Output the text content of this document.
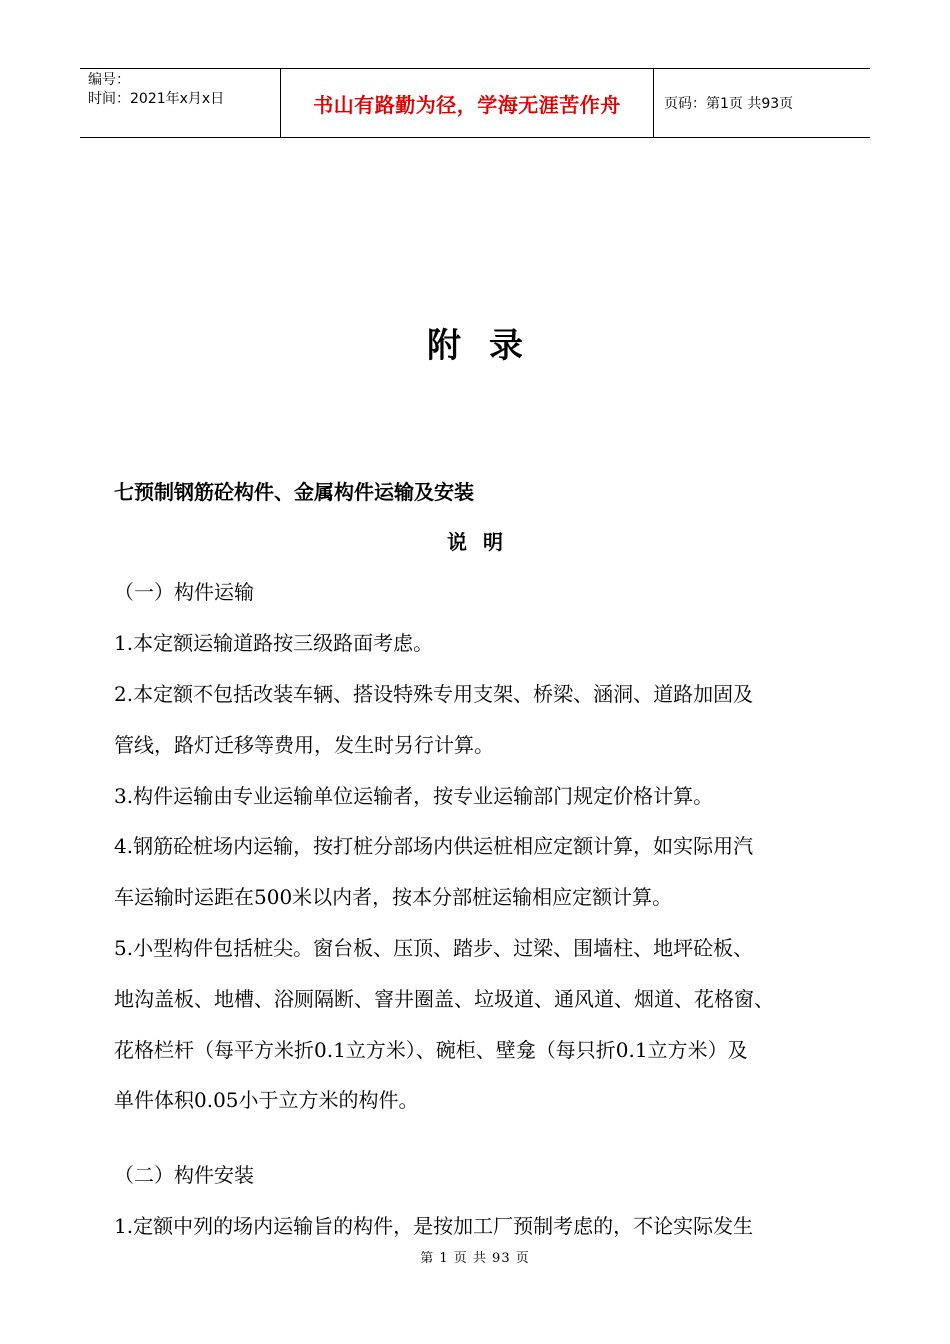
编号：
时间：2021年x月x日	书山有路勤为径，学海无涯苦作舟	页码：第1页 共93页
附录
七预制钢筋砼构件、金属构件运输及安装
说明
（一）构件运输
1.本定额运输道路按三级路面考虑。
2.本定额不包括改装车辆、搭设特殊专用支架、桥梁、涵洞、道路加固及
管线，路灯迁移等费用，发生时另行计算。
3.构件运输由专业运输单位运输者，按专业运输部门规定价格计算。
4.钢筋砼桩场内运输，按打桩分部场内供运桩相应定额计算，如实际用汽
车运输时运距在500米以内者，按本分部桩运输相应定额计算。
5.小型构件包括桩尖。窗台板、压顶、踏步、过梁、围墙柱、地坪砼板、
地沟盖板、地槽、浴厕隔断、窨井圈盖、垃圾道、通风道、烟道、花格窗、
花格栏杆（每平方米折0.1立方米）、碗柜、壁龛（每只折0.1立方米）及
单件体积0.05小于立方米的构件。
（二）构件安装
1.定额中列的场内运输旨的构件，是按加工厂预制考虑的，不论实际发生
第 1 页 共 93 页
